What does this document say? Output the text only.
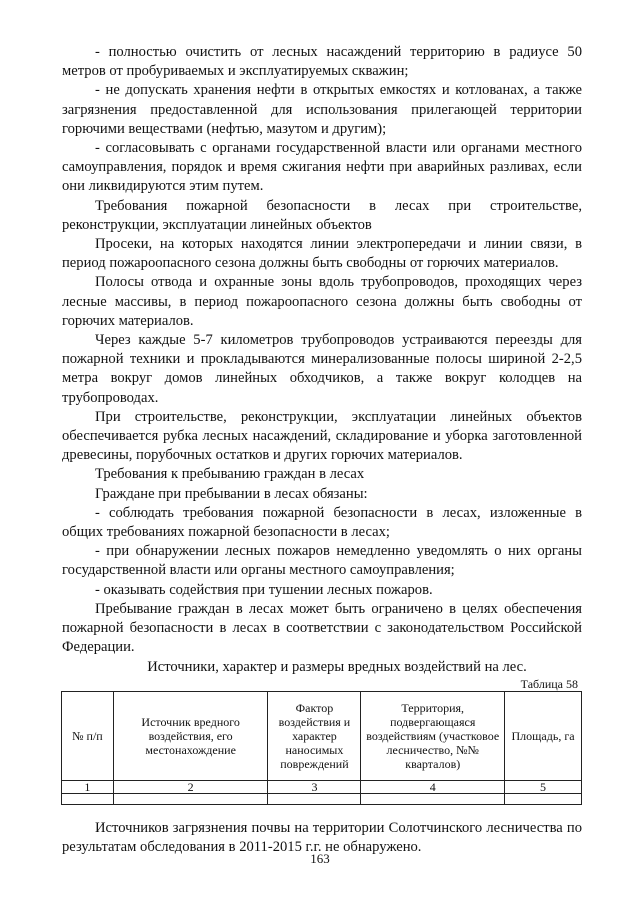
- полностью очистить от лесных насаждений территорию в радиусе 50 метров от пробуриваемых и эксплуатируемых скважин;

- не допускать хранения нефти в открытых емкостях и котлованах, а также загрязнения предоставленной для использования прилегающей территории горючими веществами (нефтью, мазутом и другим);

- согласовывать с органами государственной власти или органами местного самоуправления, порядок и время сжигания нефти при аварийных разливах, если они ликвидируются этим путем.

Требования пожарной безопасности в лесах при строительстве, реконструкции, эксплуатации линейных объектов

Просеки, на которых находятся линии электропередачи и линии связи, в период пожароопасного сезона должны быть свободны от горючих материалов.

Полосы отвода и охранные зоны вдоль трубопроводов, проходящих через лесные массивы, в период пожароопасного сезона должны быть свободны от горючих материалов.

Через каждые 5-7 километров трубопроводов устраиваются переезды для пожарной техники и прокладываются минерализованные полосы шириной 2-2,5 метра вокруг домов линейных обходчиков, а также вокруг колодцев на трубопроводах.

При строительстве, реконструкции, эксплуатации линейных объектов обеспечивается рубка лесных насаждений, складирование и уборка заготовленной древесины, порубочных остатков и других горючих материалов.

Требования к пребыванию граждан в лесах

Граждане при пребывании в лесах обязаны:

- соблюдать требования пожарной безопасности в лесах, изложенные в общих требованиях пожарной безопасности в лесах;

- при обнаружении лесных пожаров немедленно уведомлять о них органы государственной власти или органы местного самоуправления;

- оказывать содействия при тушении лесных пожаров.

Пребывание граждан в лесах может быть ограничено в целях обеспечения пожарной безопасности в лесах в соответствии с законодательством Российской Федерации.

Источники, характер и размеры вредных воздействий на лес.

Таблица 58

№ п/п	Источник вредного воздействия, его местонахождение	Фактор воздействия и характер наносимых повреждений	Территория, подвергающаяся воздействиям (участковое лесничество, №№ кварталов)	Площадь, га
1	2	3	4	5

Источников загрязнения почвы на территории Солотчинского лесничества по результатам обследования в 2011-2015 г.г. не обнаружено.

163
